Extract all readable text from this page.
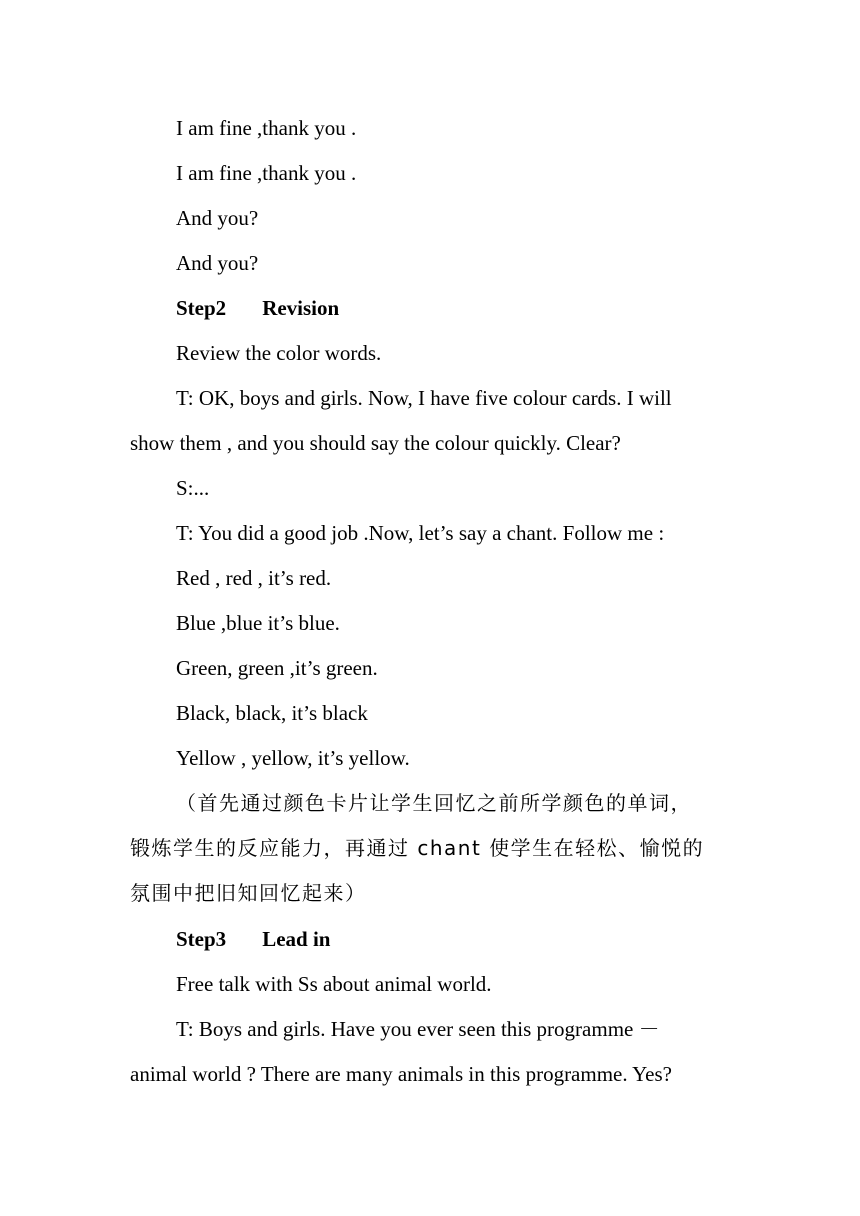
I am fine ,thank you .
I am fine ,thank you .
And you?
And you?
Step2 Revision
Review the color words.
T: OK, boys and girls. Now, I have five colour cards. I will
show them , and you should say the colour quickly. Clear?
S:...
T: You did a good job .Now, let’s say a chant. Follow me :
Red , red , it’s red.
Blue ,blue it’s blue.
Green, green ,it’s green.
Black, black, it’s black
Yellow , yellow, it’s yellow.
（首先通过颜色卡片让学生回忆之前所学颜色的单词，
锻炼学生的反应能力，再通过 chant 使学生在轻松、愉悦的
氛围中把旧知回忆起来）
Step3 Lead in
Free talk with Ss about animal world.
T: Boys and girls. Have you ever seen this programme －
animal world ? There are many animals in this programme. Yes?
